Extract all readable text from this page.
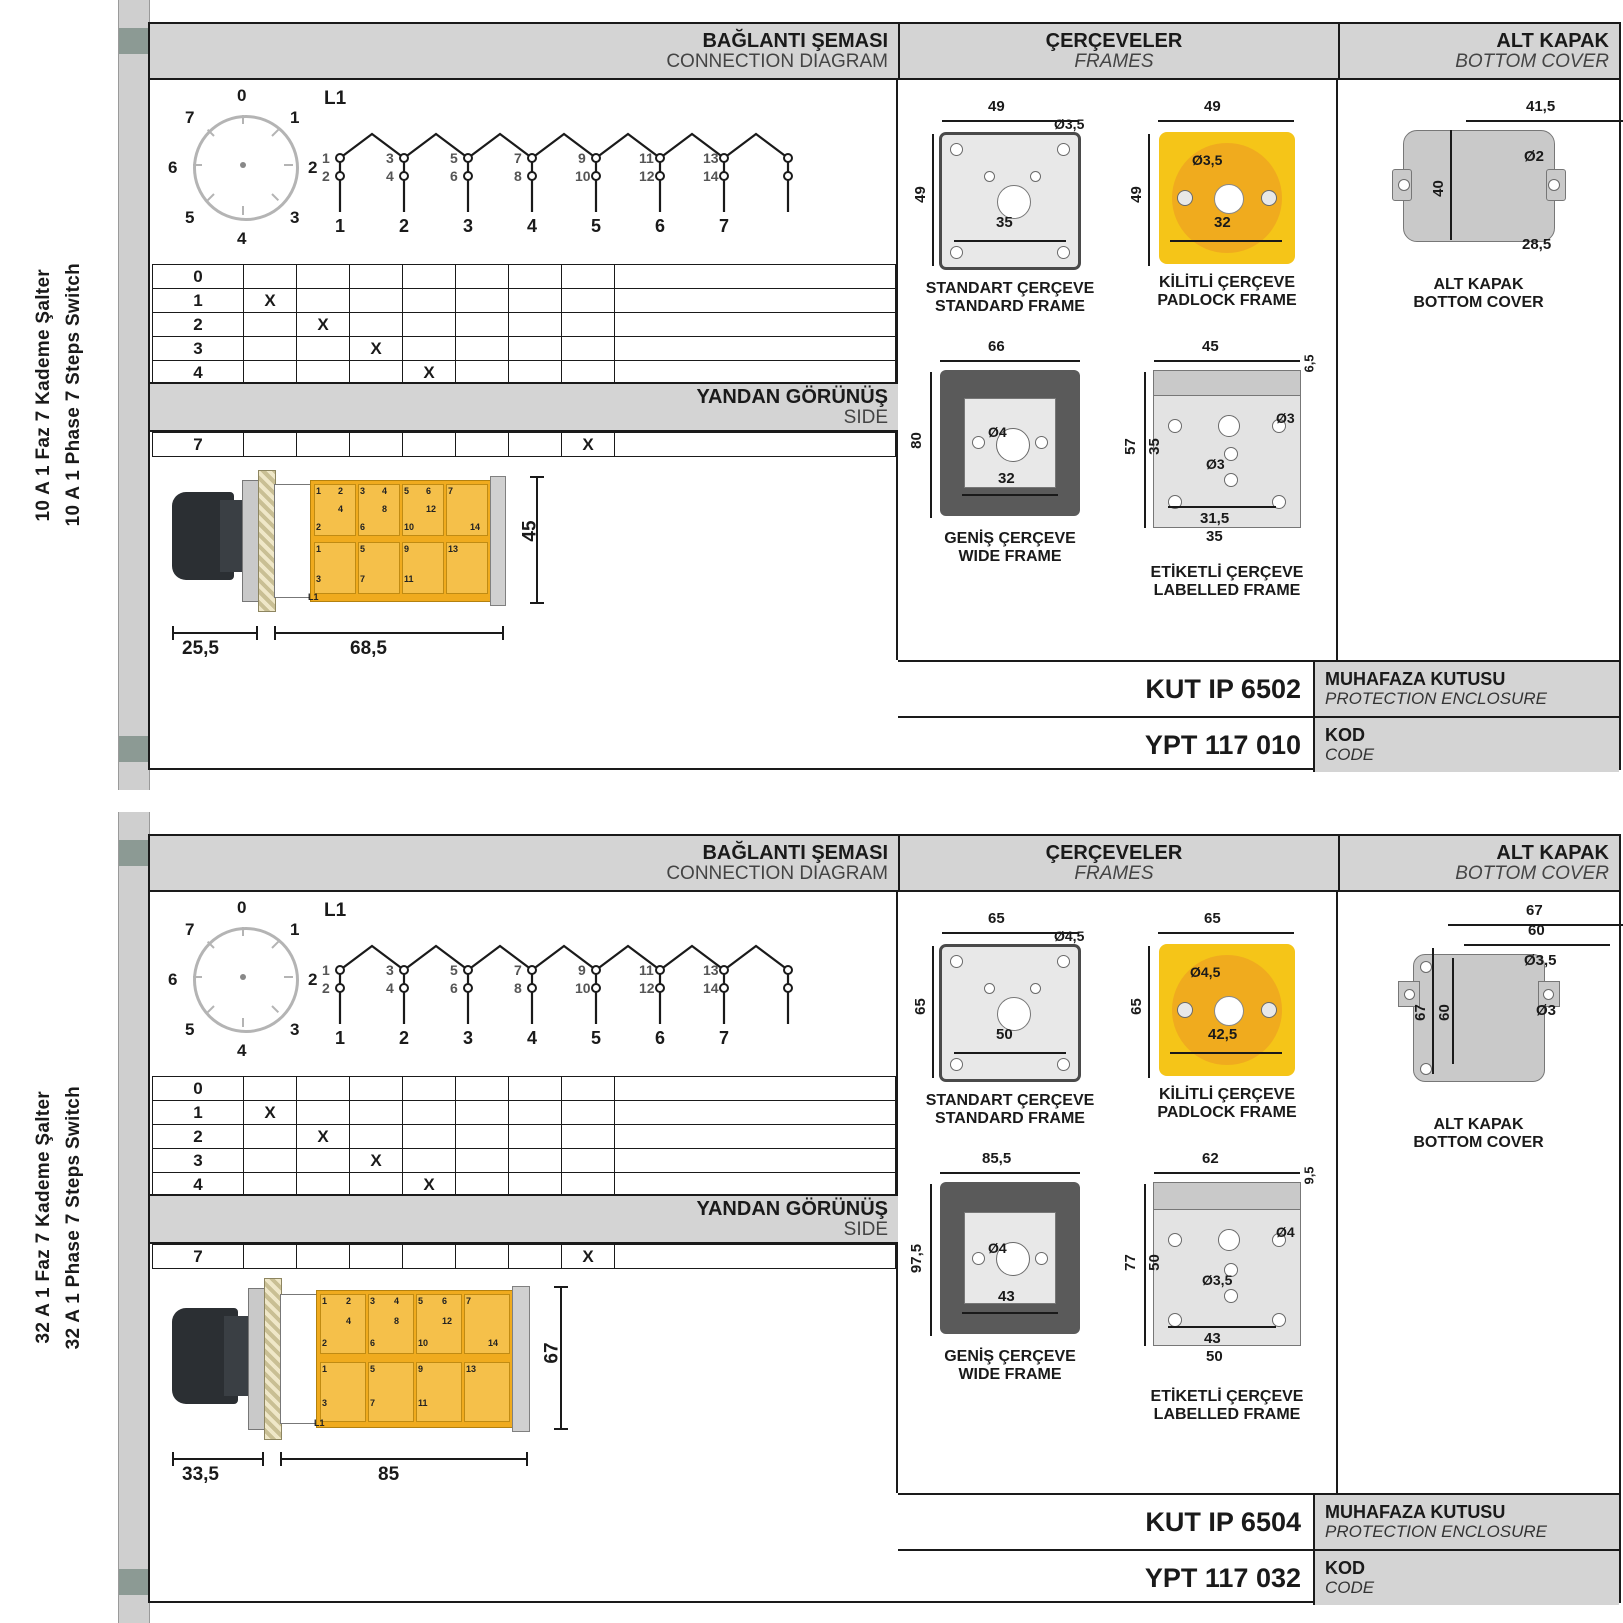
10 A 1 Faz 7 Kademe Şalter 10 A 1 Phase 7 Steps Switch
BAĞLANTI ŞEMASI
CONNECTION DIAGRAM
ÇERÇEVELER
FRAMES
ALT KAPAK
BOTTOM COVER
0
1
2
3
4
5
6
7
L1
1
2
3
4
5
6
7
8
9
10
11
12
13
14
1	2	3	4	5	6	7
0								
1	X							
2		X						
3			X					
4				X				

7							X	
YANDAN GÖRÜNÜŞ
SIDE
1 2
2
4
3 4
6
8
5 6
10
12
7
14
1
3
5
7
9
11
13
L1
25,5	68,5
45
49
Ø3,5
49
35
STANDART ÇERÇEVE
STANDARD FRAME
49
Ø3,5
49
32
KİLİTLİ ÇERÇEVE
PADLOCK FRAME
66
80
Ø4
32
GENİŞ ÇERÇEVE
WIDE FRAME
45
6,5
57 35
Ø3
Ø3
31,5
35
ETİKETLİ ÇERÇEVE
LABELLED FRAME
41,5
Ø2
40
28,5
ALT KAPAK
BOTTOM COVER
KUT IP 6502	MUHAFAZA KUTUSU
PROTECTION ENCLOSURE
YPT 117 010	KOD
CODE
32 A 1 Faz 7 Kademe Şalter 32 A 1 Phase 7 Steps Switch
BAĞLANTI ŞEMASI
CONNECTION DIAGRAM
ÇERÇEVELER
FRAMES
ALT KAPAK
BOTTOM COVER
0
1
2
3
4
5
6
7
L1
1
2
3
4
5
6
7
8
9
10
11
12
13
14
1	2	3	4	5	6	7
0								
1	X							
2		X						
3			X					
4				X				

7							X	
YANDAN GÖRÜNÜŞ
SIDE
1 2
2
4
3 4
6
8
5 6
10
12
7
14
1
3
5
7
9
11
13
L1
33,5	85
67
65
Ø4,5
65
50
STANDART ÇERÇEVE
STANDARD FRAME
65
Ø4,5
65
42,5
KİLİTLİ ÇERÇEVE
PADLOCK FRAME
85,5
97,5	Ø4
43
GENİŞ ÇERÇEVE
WIDE FRAME
62
9,5
77 50
Ø4
Ø3,5
43
50
ETİKETLİ ÇERÇEVE
LABELLED FRAME
67
60
Ø3,5
Ø3
67 60
ALT KAPAK
BOTTOM COVER
KUT IP 6504	MUHAFAZA KUTUSU
PROTECTION ENCLOSURE
YPT 117 032	KOD
CODE
